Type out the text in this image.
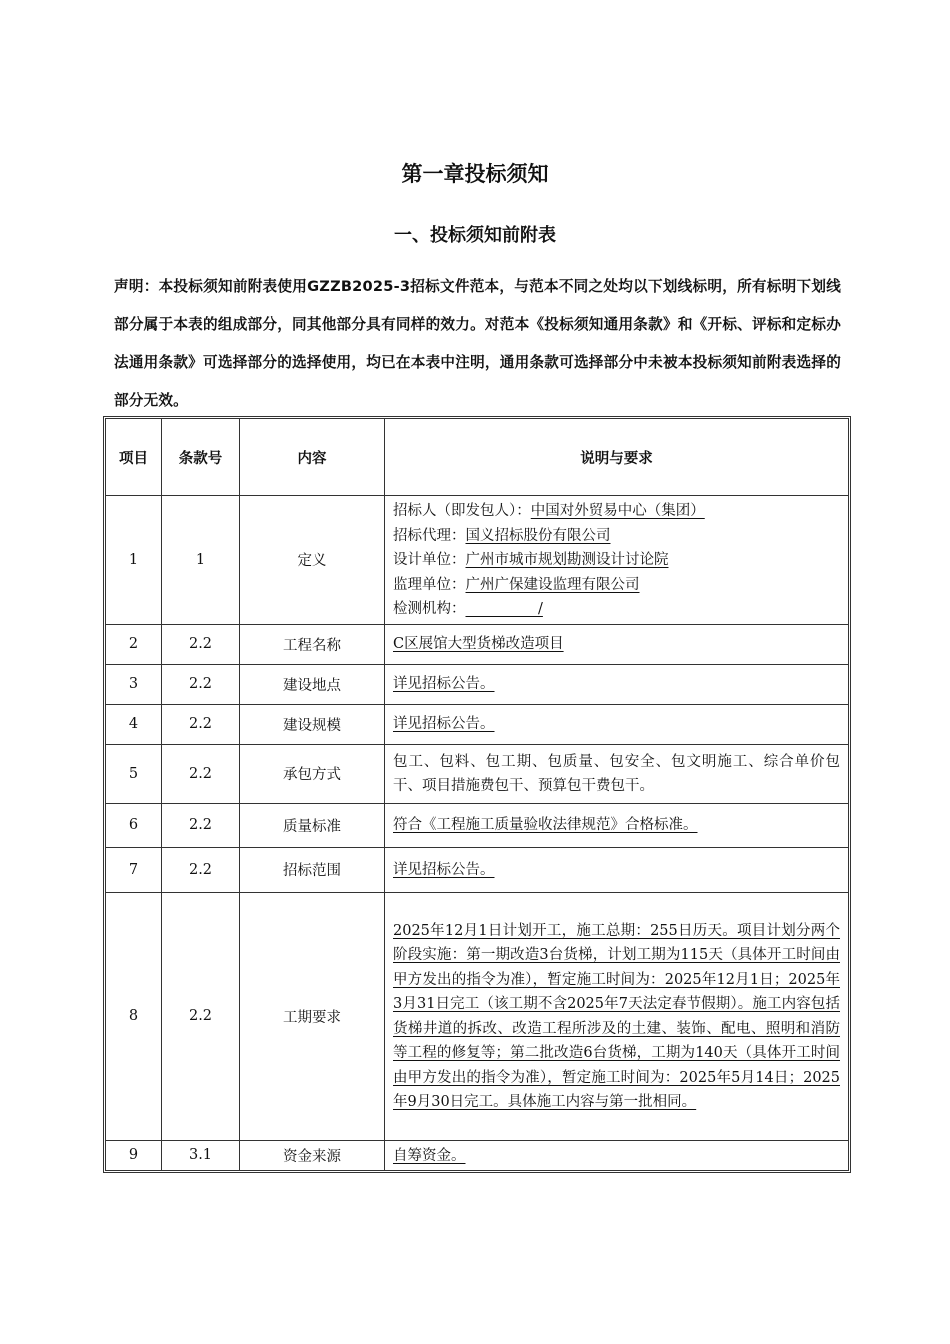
第一章投标须知
一、投标须知前附表
声明：本投标须知前附表使用GZZB2025-3招标文件范本，与范本不同之处均以下划线标明，所有标明下划线部分属于本表的组成部分，同其他部分具有同样的效力。对范本《投标须知通用条款》和《开标、评标和定标办法通用条款》可选择部分的选择使用，均已在本表中注明，通用条款可选择部分中未被本投标须知前附表选择的部分无效。
项目	条款号	内容	说明与要求
1	1	定义	招标人（即发包人）：中国对外贸易中心（集团）
招标代理：国义招标股份有限公司
设计单位：广州市城市规划勘测设计讨论院
监理单位：广州广保建设监理有限公司
检测机构：__________/

2	2.2	工程名称	C区展馆大型货梯改造项目
3	2.2	建设地点	详见招标公告。
4	2.2	建设规模	详见招标公告。
5	2.2	承包方式	包工、包料、包工期、包质量、包安全、包文明施工、综合单价包干、项目措施费包干、预算包干费包干。
6	2.2	质量标准	符合《工程施工质量验收法律规范》合格标准。
7	2.2	招标范围	详见招标公告。
8	2.2	工期要求	2025年12月1日计划开工，施工总期：255日历天。项目计划分两个阶段实施：第一期改造3台货梯，计划工期为115天（具体开工时间由甲方发出的指令为准），暂定施工时间为：2025年12月1日；2025年3月31日完工（该工期不含2025年7天法定春节假期）。施工内容包括货梯井道的拆改、改造工程所涉及的土建、装饰、配电、照明和消防等工程的修复等；第二批改造6台货梯，工期为140天（具体开工时间由甲方发出的指令为准），暂定施工时间为：2025年5月14日；2025年9月30日完工。具体施工内容与第一批相同。
9	3.1	资金来源	自筹资金。
